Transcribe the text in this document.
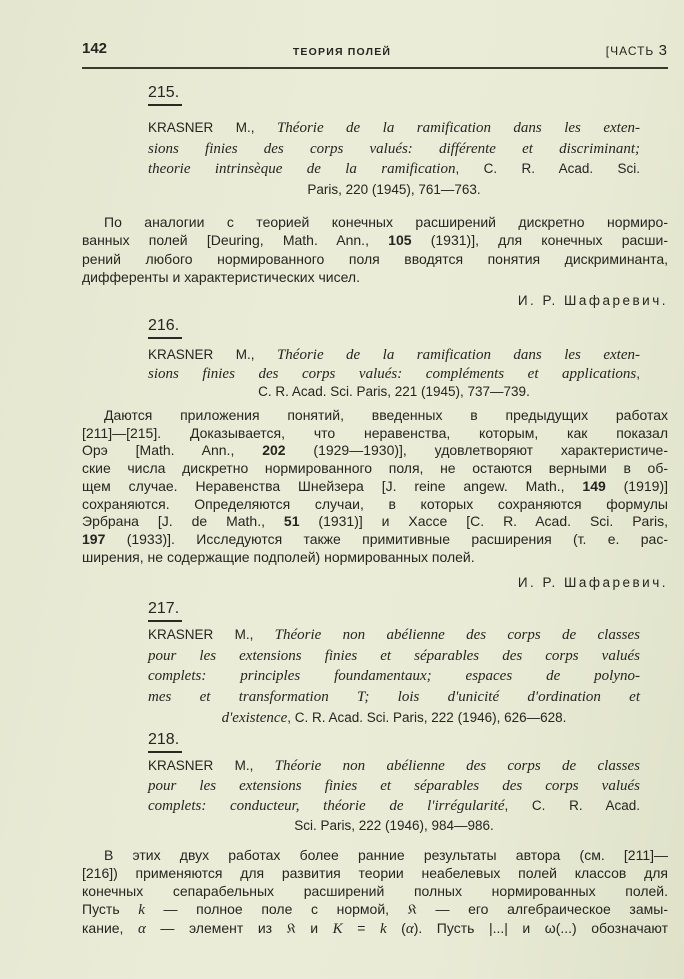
142	ТЕОРИЯ ПОЛЕЙ	[ЧАСТЬ 3
215.
KRASNER M., Théorie de la ramification dans les exten-
sions finies des corps valués: différente et discriminant;
theorie intrinsèque de la ramification, C. R. Acad. Sci.
Paris, 220 (1945), 761—763.
По аналогии с теорией конечных расширений дискретно нормиро-
ванных полей [Deuring, Math. Ann., 105 (1931)], для конечных расши-
рений любого нормированного поля вводятся понятия дискриминанта,
дифференты и характеристических чисел.
И. Р. Шафаревич.
216.
KRASNER M., Théorie de la ramification dans les exten-
sions finies des corps valués: compléments et applications,
C. R. Acad. Sci. Paris, 221 (1945), 737—739.
Даются приложения понятий, введенных в предыдущих работах
[211]—[215]. Доказывается, что неравенства, которым, как показал
Орэ [Math. Ann., 202 (1929—1930)], удовлетворяют характеристиче-
ские числа дискретно нормированного поля, не остаются верными в об-
щем случае. Неравенства Шнейзера [J. reine angew. Math., 149 (1919)]
сохраняются. Определяются случаи, в которых сохраняются формулы
Эрбрана [J. de Math., 51 (1931)] и Хассе [C. R. Acad. Sci. Paris,
197 (1933)]. Исследуются также примитивные расширения (т. е. рас-
ширения, не содержащие подполей) нормированных полей.
И. Р. Шафаревич.
217.
KRASNER M., Théorie non abélienne des corps de classes
pour les extensions finies et séparables des corps valués
complets: principles foundamentaux; espaces de polyno-
mes et transformation T; lois d'unicité d'ordination et
d'existence, C. R. Acad. Sci. Paris, 222 (1946), 626—628.
218.
KRASNER M., Théorie non abélienne des corps de classes
pour les extensions finies et séparables des corps valués
complets: conducteur, théorie de l'irrégularité, C. R. Acad.
Sci. Paris, 222 (1946), 984—986.
В этих двух работах более ранние результаты автора (см. [211]—
[216]) применяются для развития теории неабелевых полей классов для
конечных сепарабельных расширений полных нормированных полей.
Пусть k — полное поле с нормой, 𝔎 — его алгебраическое замы-
кание, α — элемент из 𝔎 и K = k (α). Пусть |...| и ω(...) обозначают
